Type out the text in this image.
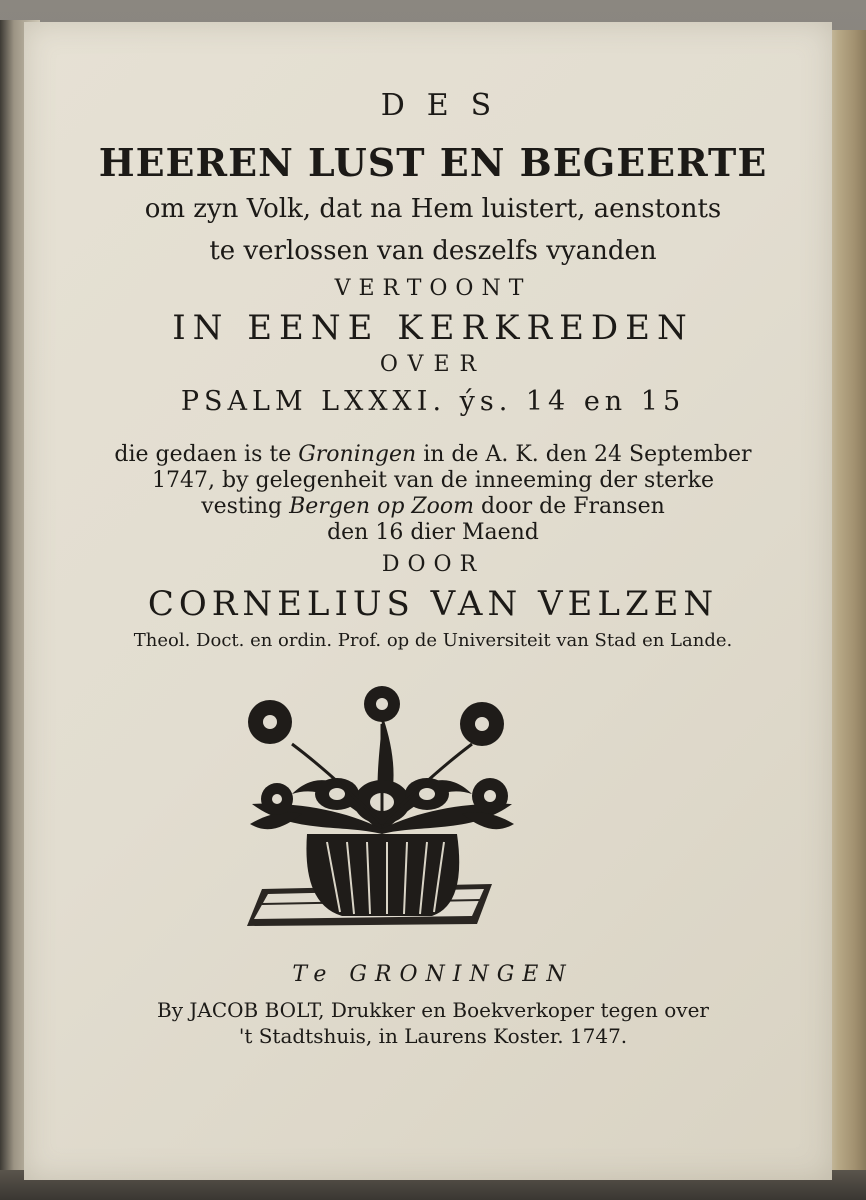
DES
HEEREN LUST EN BEGEERTE
om zyn Volk, dat na Hem luistert, aenstonts
te verlossen van deszelfs vyanden
VERTOONT
IN EENE KERKREDEN
OVER
PSALM LXXXI. ýs. 14 en 15
die gedaen is te Groningen in de A. K. den 24 September
1747, by gelegenheit van de inneeming der sterke
vesting Bergen op Zoom door de Fransen
den 16 dier Maend
DOOR
CORNELIUS VAN VELZEN
Theol. Doct. en ordin. Prof. op de Universiteit van Stad en Lande.
Te GRONINGEN
By JACOB BOLT, Drukker en Boekverkoper tegen over
't Stadtshuis, in Laurens Koster. 1747.
